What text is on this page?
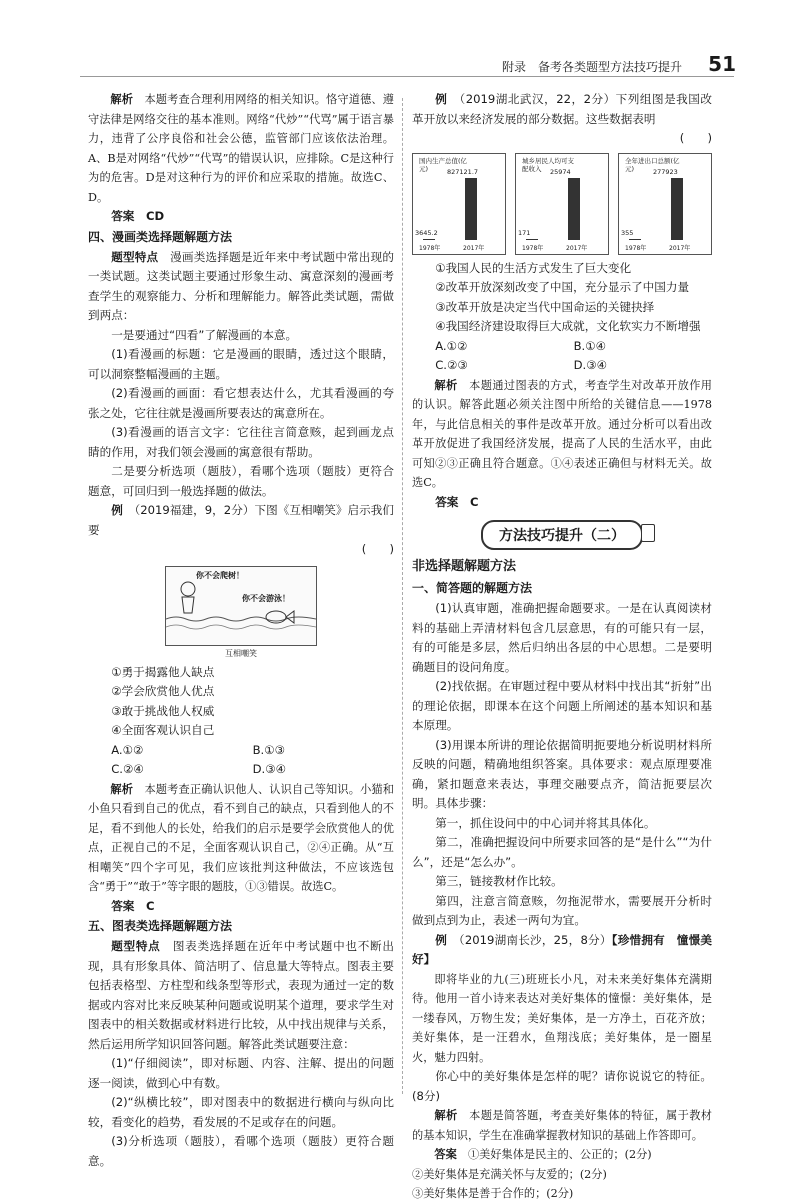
附录　备考各类题型方法技巧提升 51

解析　 本题考查合理利用网络的相关知识。恪守道德、遵守法律是网络交往的基本准则。网络“代炒”“代骂”属于语言暴力，违背了公序良俗和社会公德，监管部门应该依法治理。A、B是对网络“代炒”“代骂”的错误认识，应排除。C是这种行为的危害。D是对这种行为的评价和应采取的措施。故选C、D。

答案　 CD

四、漫画类选择题解题方法

题型特点　 漫画类选择题是近年来中考试题中常出现的一类试题。这类试题主要通过形象生动、寓意深刻的漫画考查学生的观察能力、分析和理解能力。解答此类试题，需做到两点：

一是要通过“四看”了解漫画的本意。

(1)看漫画的标题：它是漫画的眼睛，透过这个眼睛，可以洞察整幅漫画的主题。

(2)看漫画的画面：看它想表达什么，尤其看漫画的夸张之处，它往往就是漫画所要表达的寓意所在。

(3)看漫画的语言文字：它往往言简意赅，起到画龙点睛的作用，对我们领会漫画的寓意很有帮助。

二是要分析选项（题肢），看哪个选项（题肢）更符合题意，可回归到一般选择题的做法。

例　 （2019福建，9，2分）下图《互相嘲笑》启示我们要

(　　)

你不会爬树！
你不会游泳！
互相嘲笑

①勇于揭露他人缺点

②学会欣赏他人优点

③敢于挑战他人权威

④全面客观认识自己

A.①②	B.①③
C.②④	D.③④

解析　 本题考查正确认识他人、认识自己等知识。小猫和小鱼只看到自己的优点，看不到自己的缺点，只看到他人的不足，看不到他人的长处，给我们的启示是要学会欣赏他人的优点，正视自己的不足，全面客观认识自己，②④正确。从“互相嘲笑”四个字可见，我们应该批判这种做法，不应该选包含“勇于”“敢于”等字眼的题肢，①③错误。故选C。

答案　 C

五、图表类选择题解题方法

题型特点　 图表类选择题在近年中考试题中也不断出现，具有形象具体、简洁明了、信息量大等特点。图表主要包括表格型、方柱型和线条型等形式，表现为通过一定的数据或内容对比来反映某种问题或说明某个道理，要求学生对图表中的相关数据或材料进行比较，从中找出规律与关系，然后运用所学知识回答问题。解答此类试题要注意：

(1)“仔细阅读”，即对标题、内容、注解、提出的问题逐一阅读，做到心中有数。

(2)“纵横比较”，即对图表中的数据进行横向与纵向比较，看变化的趋势，看发展的不足或存在的问题。

(3)分析选项（题肢），看哪个选项（题肢）更符合题意。

例　 （2019湖北武汉，22，2分）下列组图是我国改革开放以来经济发展的部分数据。这些数据表明

(　　)

国内生产总值(亿元)
3645.2
827121.7
1978年	2017年
城乡居民人均可支配收入
171
25974
1978年	2017年
全年进出口总额(亿元)
355
277923
1978年	2017年

①我国人民的生活方式发生了巨大变化

②改革开放深刻改变了中国，充分显示了中国力量

③改革开放是决定当代中国命运的关键抉择

④我国经济建设取得巨大成就，文化软实力不断增强

A.①②	B.①④
C.②③	D.③④

解析　 本题通过图表的方式，考查学生对改革开放作用的认识。解答此题必须关注图中所给的关键信息——1978年，与此信息相关的事件是改革开放。通过分析可以看出改革开放促进了我国经济发展，提高了人民的生活水平，由此可知②③正确且符合题意。①④表述正确但与材料无关。故选C。

答案　 C

方法技巧提升（二）
非选择题解题方法
一、简答题的解题方法

(1)认真审题，准确把握命题要求。一是在认真阅读材料的基础上弄清材料包含几层意思，有的可能只有一层，有的可能是多层，然后归纳出各层的中心思想。二是要明确题目的设问角度。

(2)找依据。在审题过程中要从材料中找出其“折射”出的理论依据，即课本在这个问题上所阐述的基本知识和基本原理。

(3)用课本所讲的理论依据简明扼要地分析说明材料所反映的问题，精确地组织答案。具体要求：观点原理要准确，紧扣题意来表达，事理交融要点齐，简洁扼要层次明。具体步骤：

第一，抓住设问中的中心词并将其具体化。

第二，准确把握设问中所要求回答的是“是什么”“为什么”，还是“怎么办”。

第三，链接教材作比较。

第四，注意言简意赅，勿拖泥带水，需要展开分析时做到点到为止，表述一两句为宜。

例　 （2019湖南长沙，25，8分）【珍惜拥有　憧憬美好】

即将毕业的九(三)班班长小凡，对未来美好集体充满期待。他用一首小诗来表达对美好集体的憧憬：美好集体，是一缕春风，万物生发；美好集体，是一方净土，百花齐放；美好集体，是一汪碧水，鱼翔浅底；美好集体，是一圈星火，魅力四射。

你心中的美好集体是怎样的呢？请你说说它的特征。(8分)

解析　 本题是简答题，考查美好集体的特征，属于教材的基本知识，学生在准确掌握教材知识的基础上作答即可。

答案　 ①美好集体是民主的、公正的；(2分)

②美好集体是充满关怀与友爱的；(2分)

③美好集体是善于合作的；(2分)
